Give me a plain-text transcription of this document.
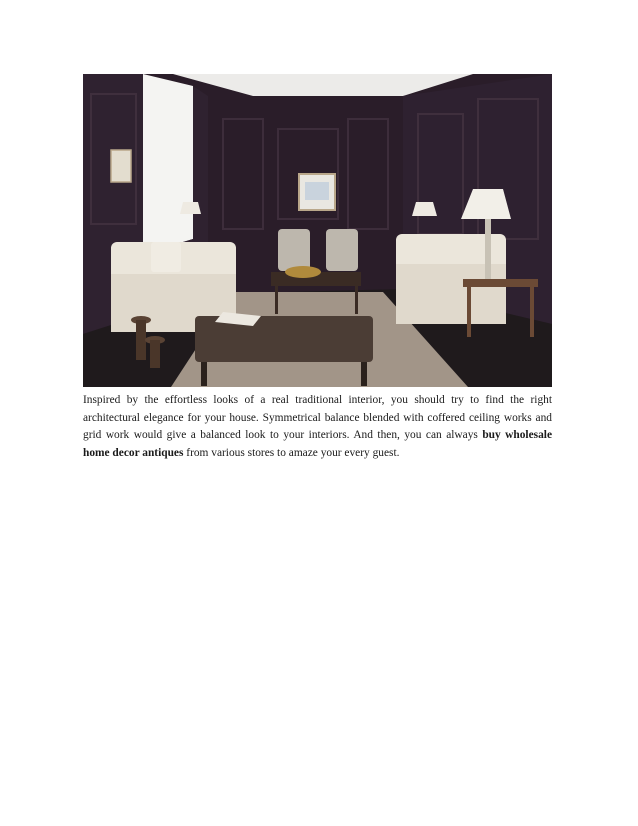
Inspired by the effortless looks of a real traditional interior, you should try to find the right architectural elegance for your house. Symmetrical balance blended with coffered ceiling works and grid work would give a balanced look to your interiors. And then, you can always buy wholesale home decor antiques from various stores to amaze your every guest.
